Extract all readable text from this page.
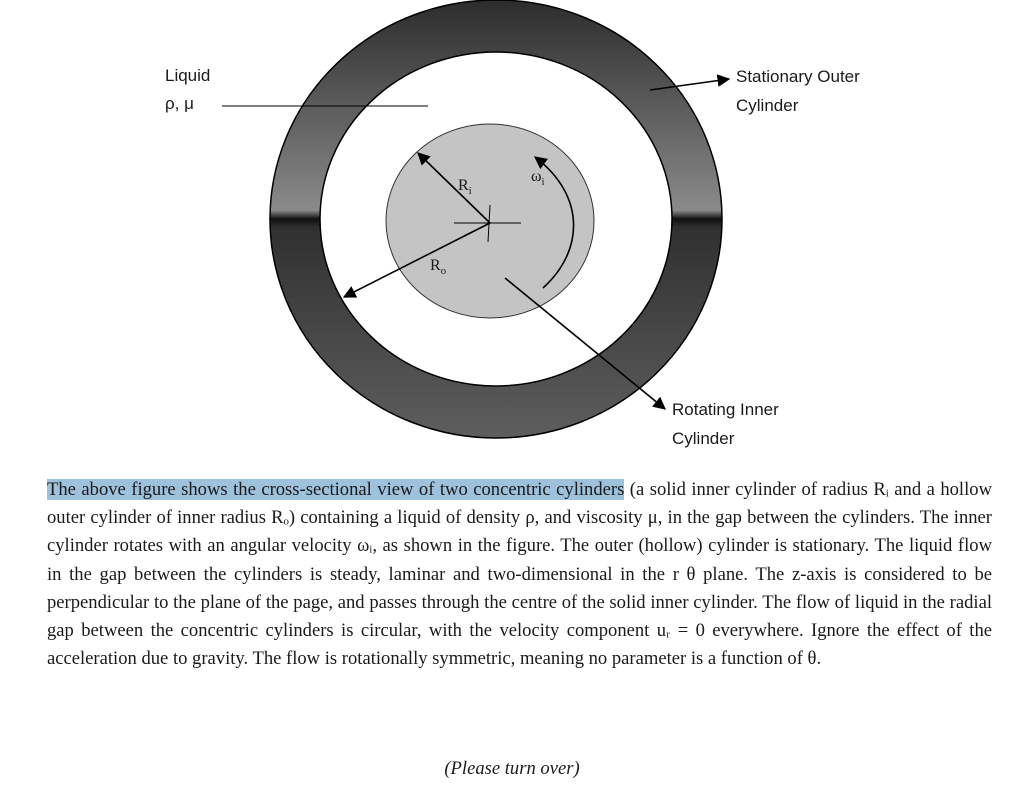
Liquid
ρ, μ
Stationary Outer
Cylinder
Rotating Inner
Cylinder
$R_i$
$R_o$
$\omega_i$

The above figure shows the cross-sectional view of two concentric cylinders (a solid inner cylinder of radius Rᵢ and a hollow outer cylinder of inner radius Rₒ) containing a liquid of density ρ, and viscosity μ, in the gap between the cylinders. The inner cylinder rotates with an angular velocity ωᵢ, as shown in the figure. The outer (hollow) cylinder is stationary. The liquid flow in the gap between the cylinders is steady, laminar and two-dimensional in the r θ plane. The z-axis is considered to be perpendicular to the plane of the page, and passes through the centre of the solid inner cylinder. The flow of liquid in the radial gap between the concentric cylinders is circular, with the velocity component uᵣ = 0 everywhere. Ignore the effect of the acceleration due to gravity. The flow is rotationally symmetric, meaning no parameter is a function of θ.

(Please turn over)
